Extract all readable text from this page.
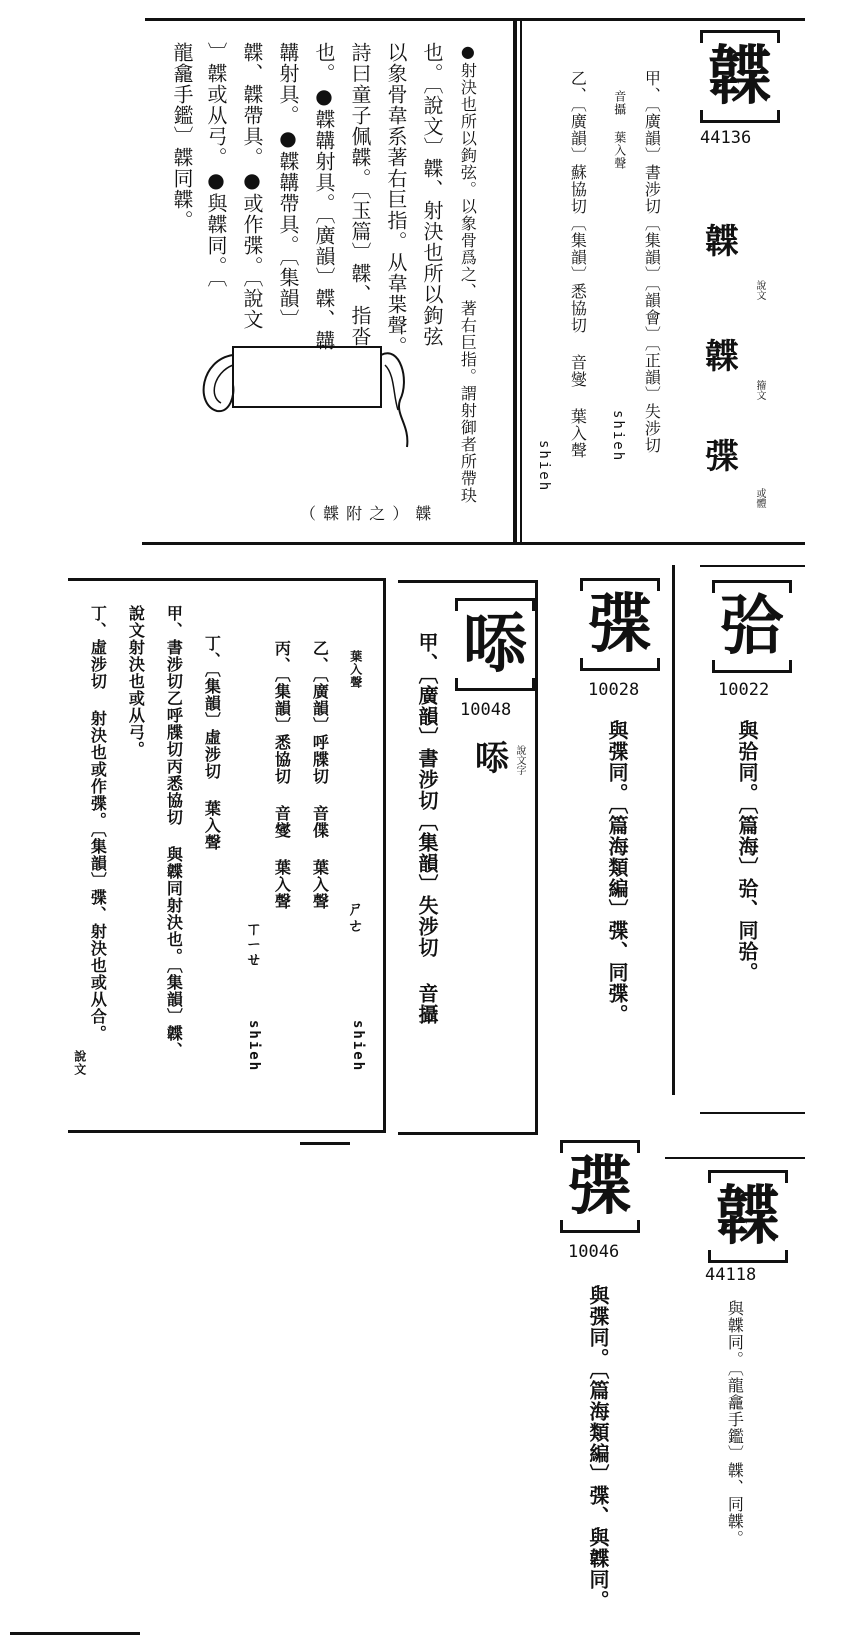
韘
44136
韘
說文
韘
籀文
弽
或體
甲、〔廣韻〕書涉切〔集韻〕〔韻會〕〔正韻〕失涉切
音攝 葉入聲
shieh
乙、〔廣韻〕蘇協切〔集韻〕悉協切 音燮 葉入聲
shieh
●射決也所以鉤弦。以象骨爲之、著右巨指。謂射御者所帶玦
也。〔說文〕韘、射決也所以鉤弦
以象骨韋系著右巨指。从韋枼聲。
詩曰童子佩韘。〔玉篇〕韘、指沓
也。●韘韝射具。〔廣韻〕韘、韝
韝射具。●韘韝帶具。〔集韻〕
韘、韘帶具。●或作弽。〔說文
〕韘或从弓。●與韘同。〔
龍龕手鑑〕韘同韘。
（ 韘 附 之 ） 韘
㢵
10022
與㢵同。〔篇海〕㢵、同㢵。
弽
10028
與弽同。〔篇海類編〕弽、同弽。
㖭
10048
㖭 說文字
甲、〔廣韻〕書涉切〔集韻〕失涉切 音攝
葉入聲
ㄕㄜ
shieh
乙、〔廣韻〕呼牒切 音偞 葉入聲
丙、〔集韻〕悉協切 音燮 葉入聲
ㄒㄧㄝ
shieh
丁、〔集韻〕虛涉切 葉入聲
甲、書涉切乙呼牒切丙悉協切 與韘同射決也。〔集韻〕韘、
說文射決也或从弓。
丁、虛涉切 射決也或作弽。〔集韻〕弽、射決也或从合。
說文
弽
10046
與弽同。〔篇海類編〕弽、與韘同。
韘
44118
與韘同。〔龍龕手鑑〕韘、同韘。
